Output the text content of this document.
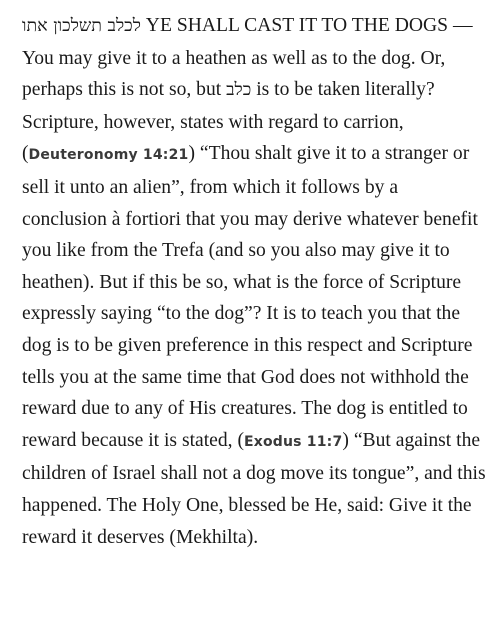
לכלב תשלכון אתו YE SHALL CAST IT TO THE DOGS — You may give it to a heathen as well as to the dog. Or, perhaps this is not so, but כלב is to be taken literally? Scripture, however, states with regard to carrion, (Deuteronomy 14:21) “Thou shalt give it to a stranger or sell it unto an alien”, from which it follows by a conclusion à fortiori that you may derive whatever benefit you like from the Trefa (and so you also may give it to heathen). But if this be so, what is the force of Scripture expressly saying “to the dog”? It is to teach you that the dog is to be given preference in this respect and Scripture tells you at the same time that God does not withhold the reward due to any of His creatures. The dog is entitled to reward because it is stated, (Exodus 11:7) “But against the children of Israel shall not a dog move its tongue”, and this happened. The Holy One, blessed be He, said: Give it the reward it deserves (Mekhilta).
